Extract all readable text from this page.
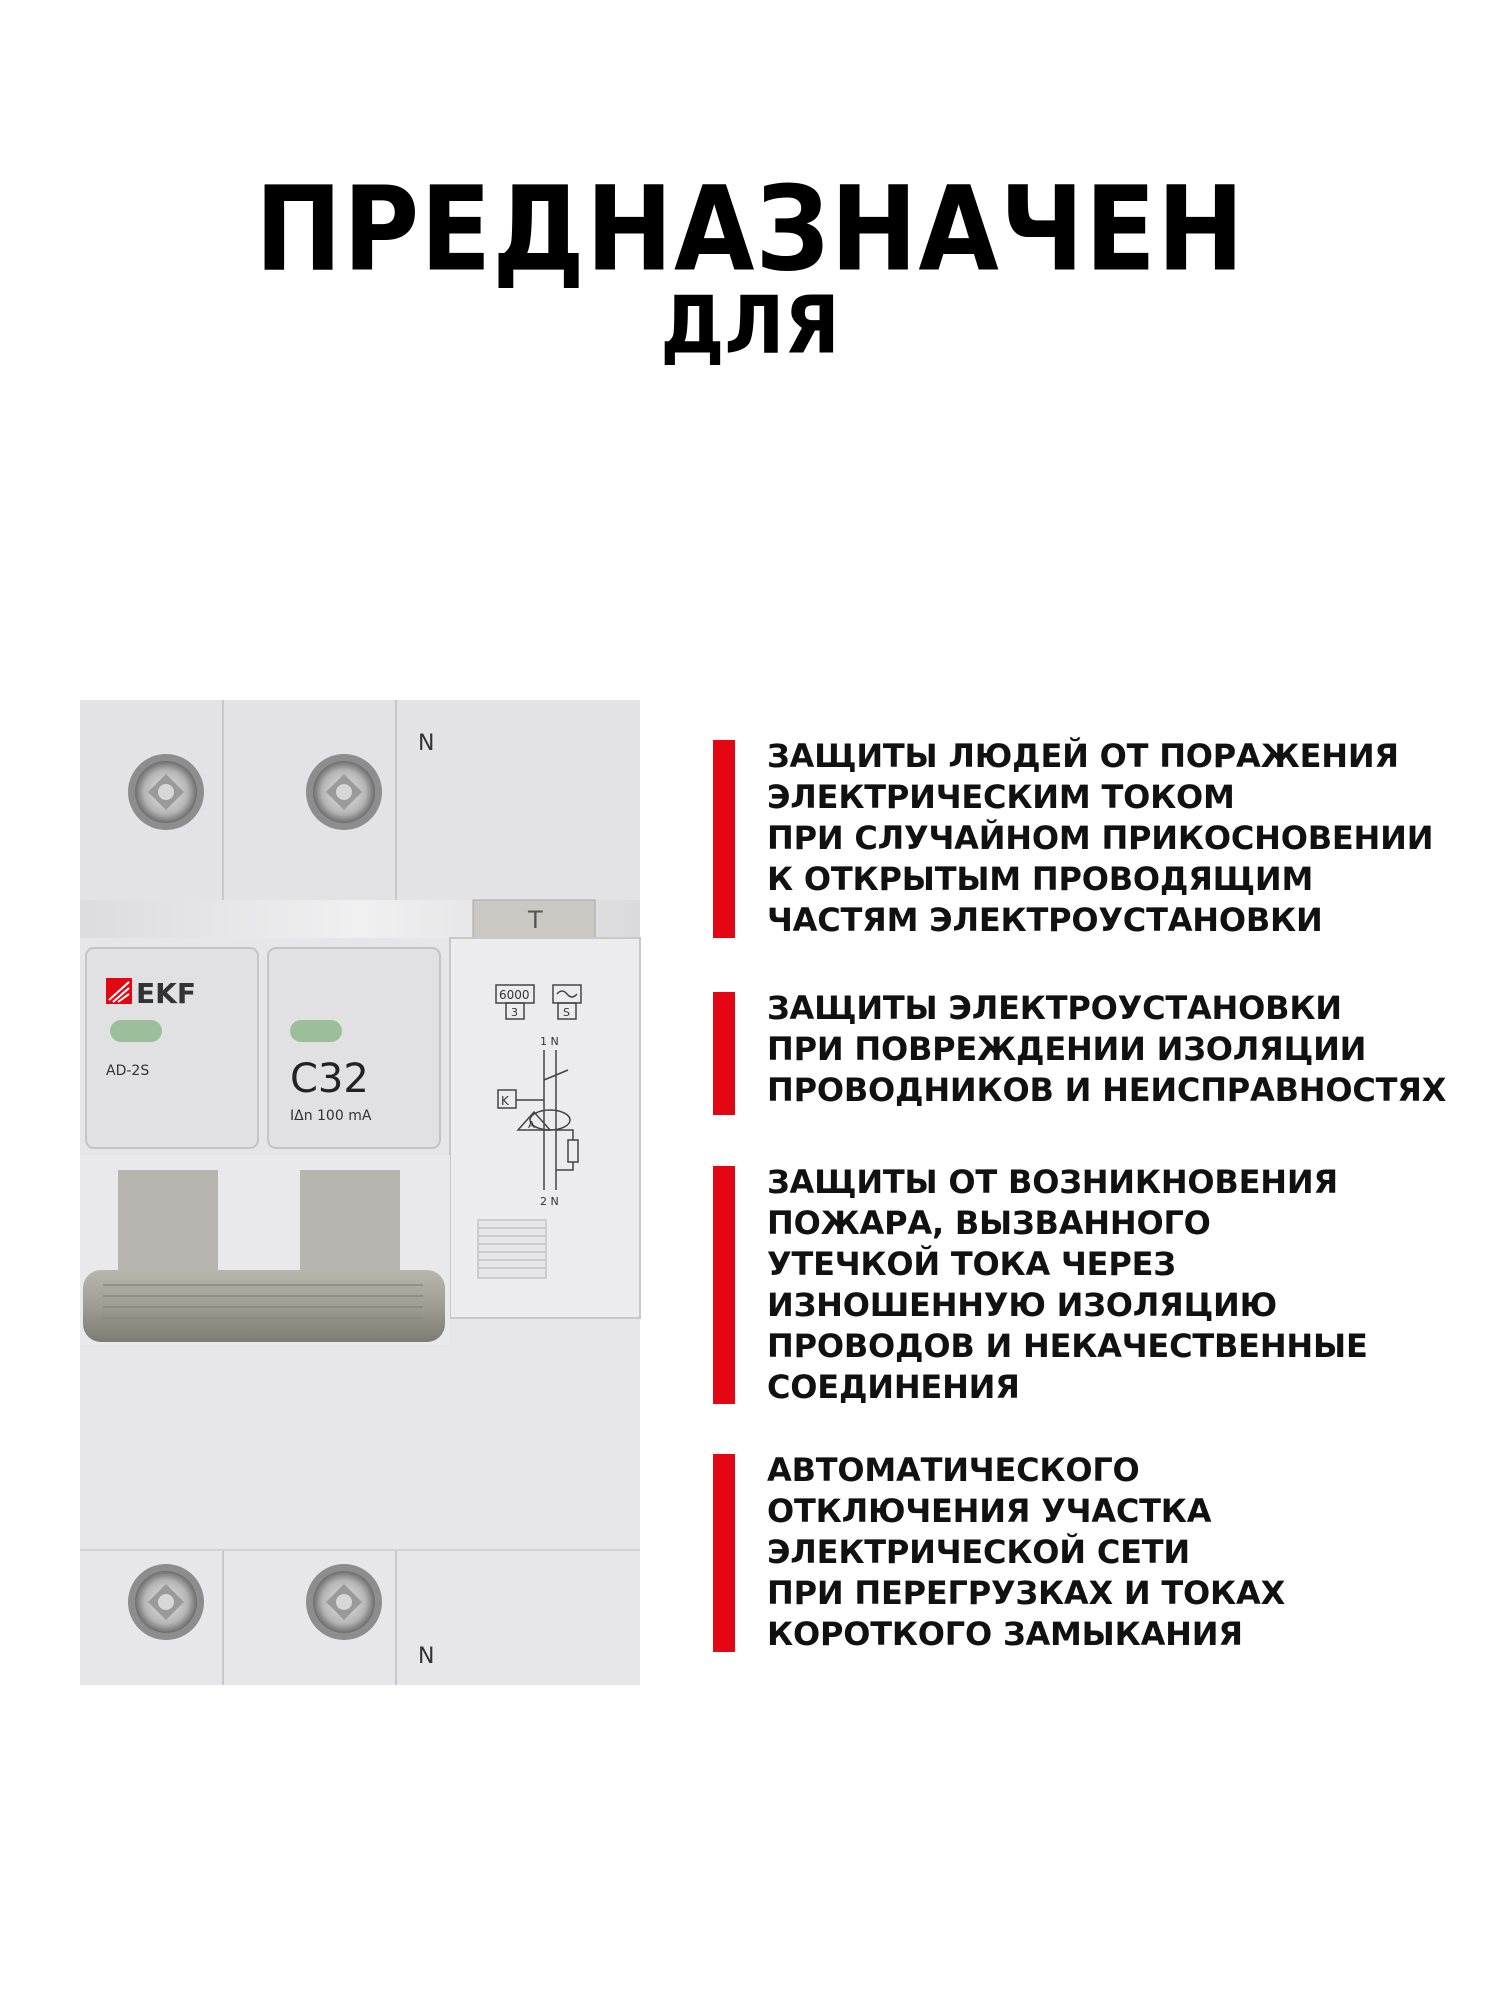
ПРЕДНАЗНАЧЕН
ДЛЯ
N
T
EKF
AD-2S	C32
IΔn 100 mA
6000
3	S
1 N
K
A
2 N
N

ЗАЩИТЫ ЛЮДЕЙ ОТ ПОРАЖЕНИЯ
ЭЛЕКТРИЧЕСКИМ ТОКОМ
ПРИ СЛУЧАЙНОМ ПРИКОСНОВЕНИИ
К ОТКРЫТЫМ ПРОВОДЯЩИМ
ЧАСТЯМ ЭЛЕКТРОУСТАНОВКИ

ЗАЩИТЫ ЭЛЕКТРОУСТАНОВКИ
ПРИ ПОВРЕЖДЕНИИ ИЗОЛЯЦИИ
ПРОВОДНИКОВ И НЕИСПРАВНОСТЯХ

ЗАЩИТЫ ОТ ВОЗНИКНОВЕНИЯ
ПОЖАРА, ВЫЗВАННОГО
УТЕЧКОЙ ТОКА ЧЕРЕЗ
ИЗНОШЕННУЮ ИЗОЛЯЦИЮ
ПРОВОДОВ И НЕКАЧЕСТВЕННЫЕ
СОЕДИНЕНИЯ

АВТОМАТИЧЕСКОГО
ОТКЛЮЧЕНИЯ УЧАСТКА
ЭЛЕКТРИЧЕСКОЙ СЕТИ
ПРИ ПЕРЕГРУЗКАХ И ТОКАХ
КОРОТКОГО ЗАМЫКАНИЯ
